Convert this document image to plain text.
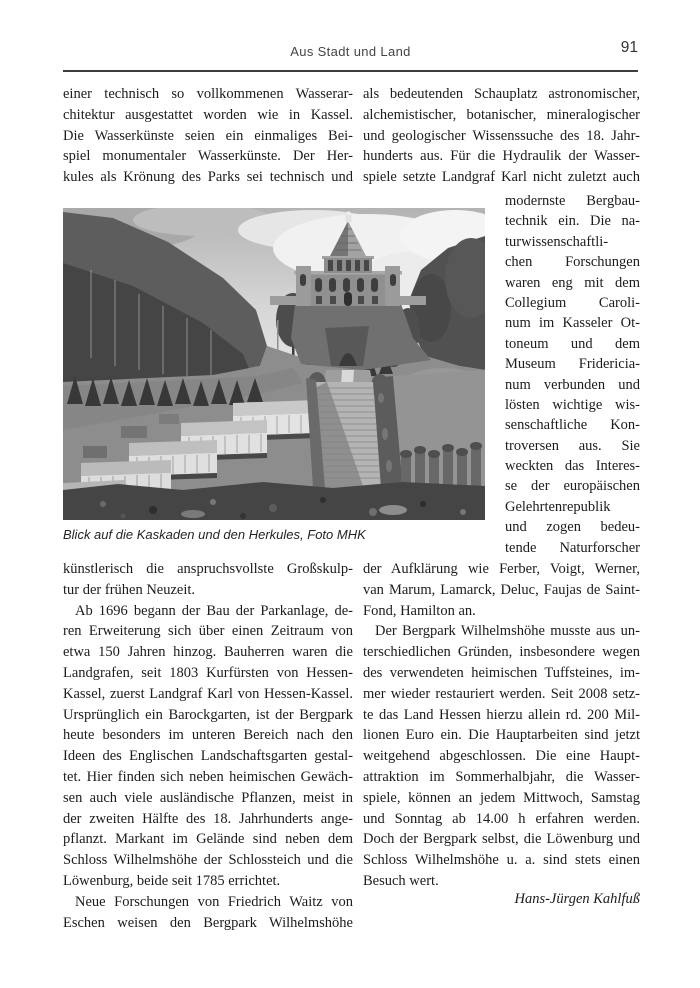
Aus Stadt und Land	91
einer technisch so vollkommenen Wasserar-
chitektur ausgestattet worden wie in Kassel.
Die Wasserkünste seien ein einmaliges Bei-
spiel monumentaler Wasserkünste. Der Her-
kules als Krönung des Parks sei technisch und
als bedeutenden Schauplatz astronomischer,
alchemistischer, botanischer, mineralogischer
und geologischer Wissenssuche des 18. Jahr-
hunderts aus. Für die Hydraulik der Wasser-
spiele setzte Landgraf Karl nicht zuletzt auch
modernste Bergbau-
technik ein. Die na-
turwissenschaftli-
chen Forschungen
waren eng mit dem
Collegium Caroli-
num im Kasseler Ot-
toneum und dem
Museum Fridericia-
num verbunden und
lösten wichtige wis-
senschaftliche Kon-
troversen aus. Sie
weckten das Interes-
se der europäischen
Gelehrtenrepublik
und zogen bedeu-
tende Naturforscher
künstlerisch die anspruchsvollste Großskulp-
tur der frühen Neuzeit.
Ab 1696 begann der Bau der Parkanlage, de-
ren Erweiterung sich über einen Zeitraum von
etwa 150 Jahren hinzog. Bauherren waren die
Landgrafen, seit 1803 Kurfürsten von Hessen-
Kassel, zuerst Landgraf Karl von Hessen-Kassel.
Ursprünglich ein Barockgarten, ist der Bergpark
heute besonders im unteren Bereich nach den
Ideen des Englischen Landschaftsgarten gestal-
tet. Hier finden sich neben heimischen Gewäch-
sen auch viele ausländische Pflanzen, meist in
der zweiten Hälfte des 18. Jahrhunderts ange-
pflanzt. Markant im Gelände sind neben dem
Schloss Wilhelmshöhe der Schlossteich und die
Löwenburg, beide seit 1785 errichtet.
Neue Forschungen von Friedrich Waitz von
Eschen weisen den Bergpark Wilhelmshöhe
der Aufklärung wie Ferber, Voigt, Werner,
van Marum, Lamarck, Deluc, Faujas de Saint-
Fond, Hamilton an.
Der Bergpark Wilhelmshöhe musste aus un-
terschiedlichen Gründen, insbesondere wegen
des verwendeten heimischen Tuffsteines, im-
mer wieder restauriert werden. Seit 2008 setz-
te das Land Hessen hierzu allein rd. 200 Mil-
lionen Euro ein. Die Hauptarbeiten sind jetzt
weitgehend abgeschlossen. Die eine Haupt-
attraktion im Sommerhalbjahr, die Wasser-
spiele, können an jedem Mittwoch, Samstag
und Sonntag ab 14.00 h erfahren werden.
Doch der Bergpark selbst, die Löwenburg und
Schloss Wilhelmshöhe u. a. sind stets einen
Besuch wert.
Blick auf die Kaskaden und den Herkules, Foto MHK
Hans-Jürgen Kahlfuß
